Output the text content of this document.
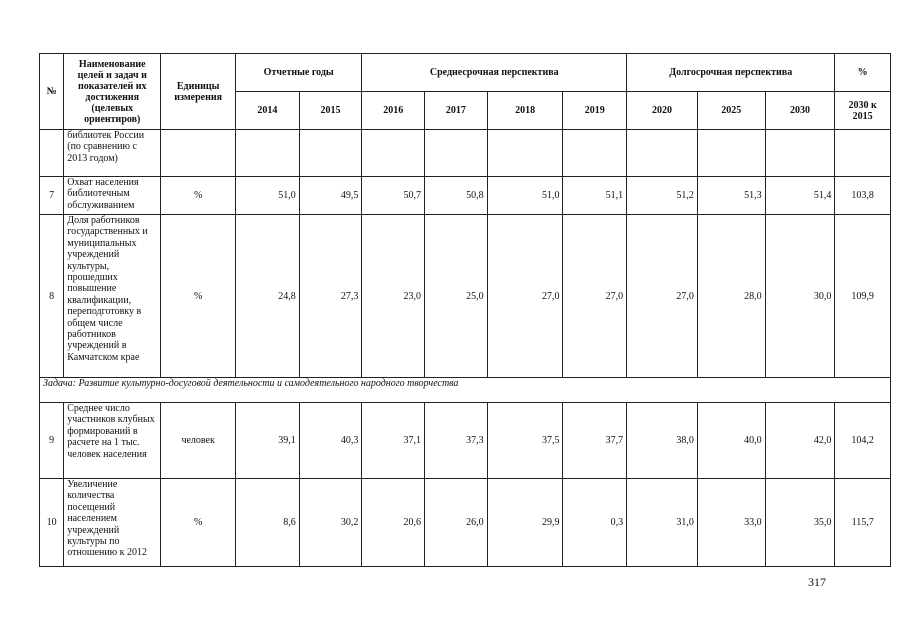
№	Наименование целей и задач и показателей их достижения (целевых ориентиров)	Единицы измерения	Отчетные годы		Среднесрочная перспектива				Долгосрочная перспектива			%
			2014	2015	2016	2017	2018	2019	2020	2025	2030	2030 к 2015
	библиотек России (по сравнению с 2013 годом)											
7	Охват населения библиотечным обслуживанием	%	51,0	49,5	50,7	50,8	51,0	51,1	51,2	51,3	51,4	103,8
8	Доля работников государственных и муниципальных учреждений культуры, прошедших повышение квалификации, переподготовку в общем числе работников учреждений в Камчатском крае	%	24,8	27,3	23,0	25,0	27,0	27,0	27,0	28,0	30,0	109,9
Задача: Развитие культурно-досуговой деятельности и самодеятельного народного творчества												
9	Среднее число участников клубных формирований в расчете на 1 тыс. человек населения	человек	39,1	40,3	37,1	37,3	37,5	37,7	38,0	40,0	42,0	104,2
10	Увеличение количества посещений населением учреждений культуры по отношению к 2012	%	8,6	30,2	20,6	26,0	29,9	0,3	31,0	33,0	35,0	115,7
317
